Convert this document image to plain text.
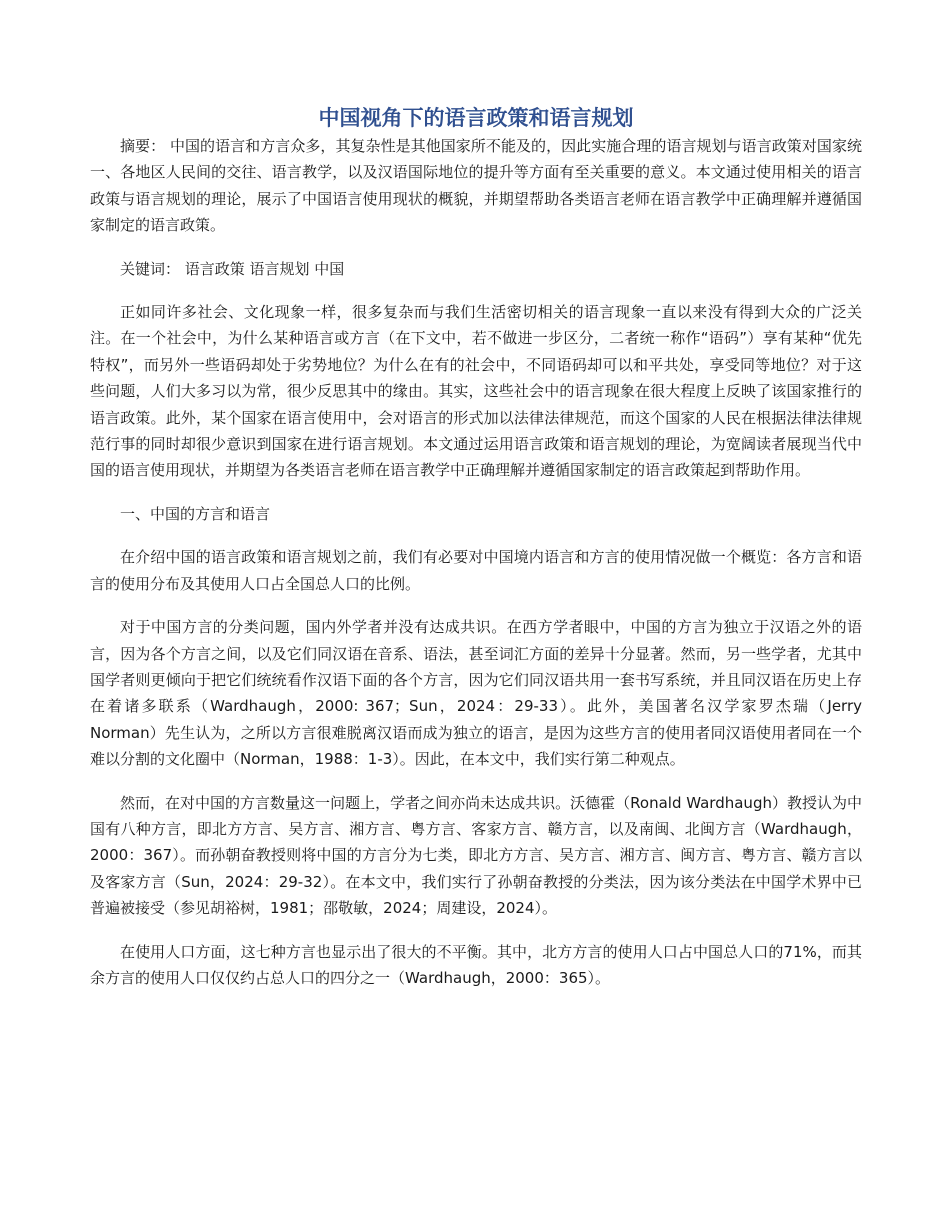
中国视角下的语言政策和语言规划

摘要： 中国的语言和方言众多，其复杂性是其他国家所不能及的，因此实施合理的语言规划与语言政策对国家统一、各地区人民间的交往、语言教学，以及汉语国际地位的提升等方面有至关重要的意义。本文通过使用相关的语言政策与语言规划的理论，展示了中国语言使用现状的概貌，并期望帮助各类语言老师在语言教学中正确理解并遵循国家制定的语言政策。

关键词： 语言政策 语言规划 中国

正如同许多社会、文化现象一样，很多复杂而与我们生活密切相关的语言现象一直以来没有得到大众的广泛关注。在一个社会中，为什么某种语言或方言（在下文中，若不做进一步区分，二者统一称作“语码”）享有某种“优先特权”，而另外一些语码却处于劣势地位？为什么在有的社会中，不同语码却可以和平共处，享受同等地位？对于这些问题，人们大多习以为常，很少反思其中的缘由。其实，这些社会中的语言现象在很大程度上反映了该国家推行的语言政策。此外，某个国家在语言使用中，会对语言的形式加以法律法律规范，而这个国家的人民在根据法律法律规范行事的同时却很少意识到国家在进行语言规划。本文通过运用语言政策和语言规划的理论，为宽阔读者展现当代中国的语言使用现状，并期望为各类语言老师在语言教学中正确理解并遵循国家制定的语言政策起到帮助作用。

一、中国的方言和语言

在介绍中国的语言政策和语言规划之前，我们有必要对中国境内语言和方言的使用情况做一个概览：各方言和语言的使用分布及其使用人口占全国总人口的比例。

对于中国方言的分类问题，国内外学者并没有达成共识。在西方学者眼中，中国的方言为独立于汉语之外的语言，因为各个方言之间，以及它们同汉语在音系、语法，甚至词汇方面的差异十分显著。然而，另一些学者，尤其中国学者则更倾向于把它们统统看作汉语下面的各个方言，因为它们同汉语共用一套书写系统，并且同汉语在历史上存在着诸多联系（Wardhaugh，2000: 367；Sun，2024：29-33）。此外，美国著名汉学家罗杰瑞（Jerry Norman）先生认为，之所以方言很难脱离汉语而成为独立的语言，是因为这些方言的使用者同汉语使用者同在一个难以分割的文化圈中（Norman，1988：1-3）。因此，在本文中，我们实行第二种观点。

然而，在对中国的方言数量这一问题上，学者之间亦尚未达成共识。沃德霍（Ronald Wardhaugh）教授认为中国有八种方言，即北方方言、吴方言、湘方言、粤方言、客家方言、赣方言，以及南闽、北闽方言（Wardhaugh，2000：367）。而孙朝奋教授则将中国的方言分为七类，即北方方言、吴方言、湘方言、闽方言、粤方言、赣方言以及客家方言（Sun，2024：29-32）。在本文中，我们实行了孙朝奋教授的分类法，因为该分类法在中国学术界中已普遍被接受（参见胡裕树，1981；邵敬敏，2024；周建设，2024）。

在使用人口方面，这七种方言也显示出了很大的不平衡。其中，北方方言的使用人口占中国总人口的71%，而其余方言的使用人口仅仅约占总人口的四分之一（Wardhaugh，2000：365）。
